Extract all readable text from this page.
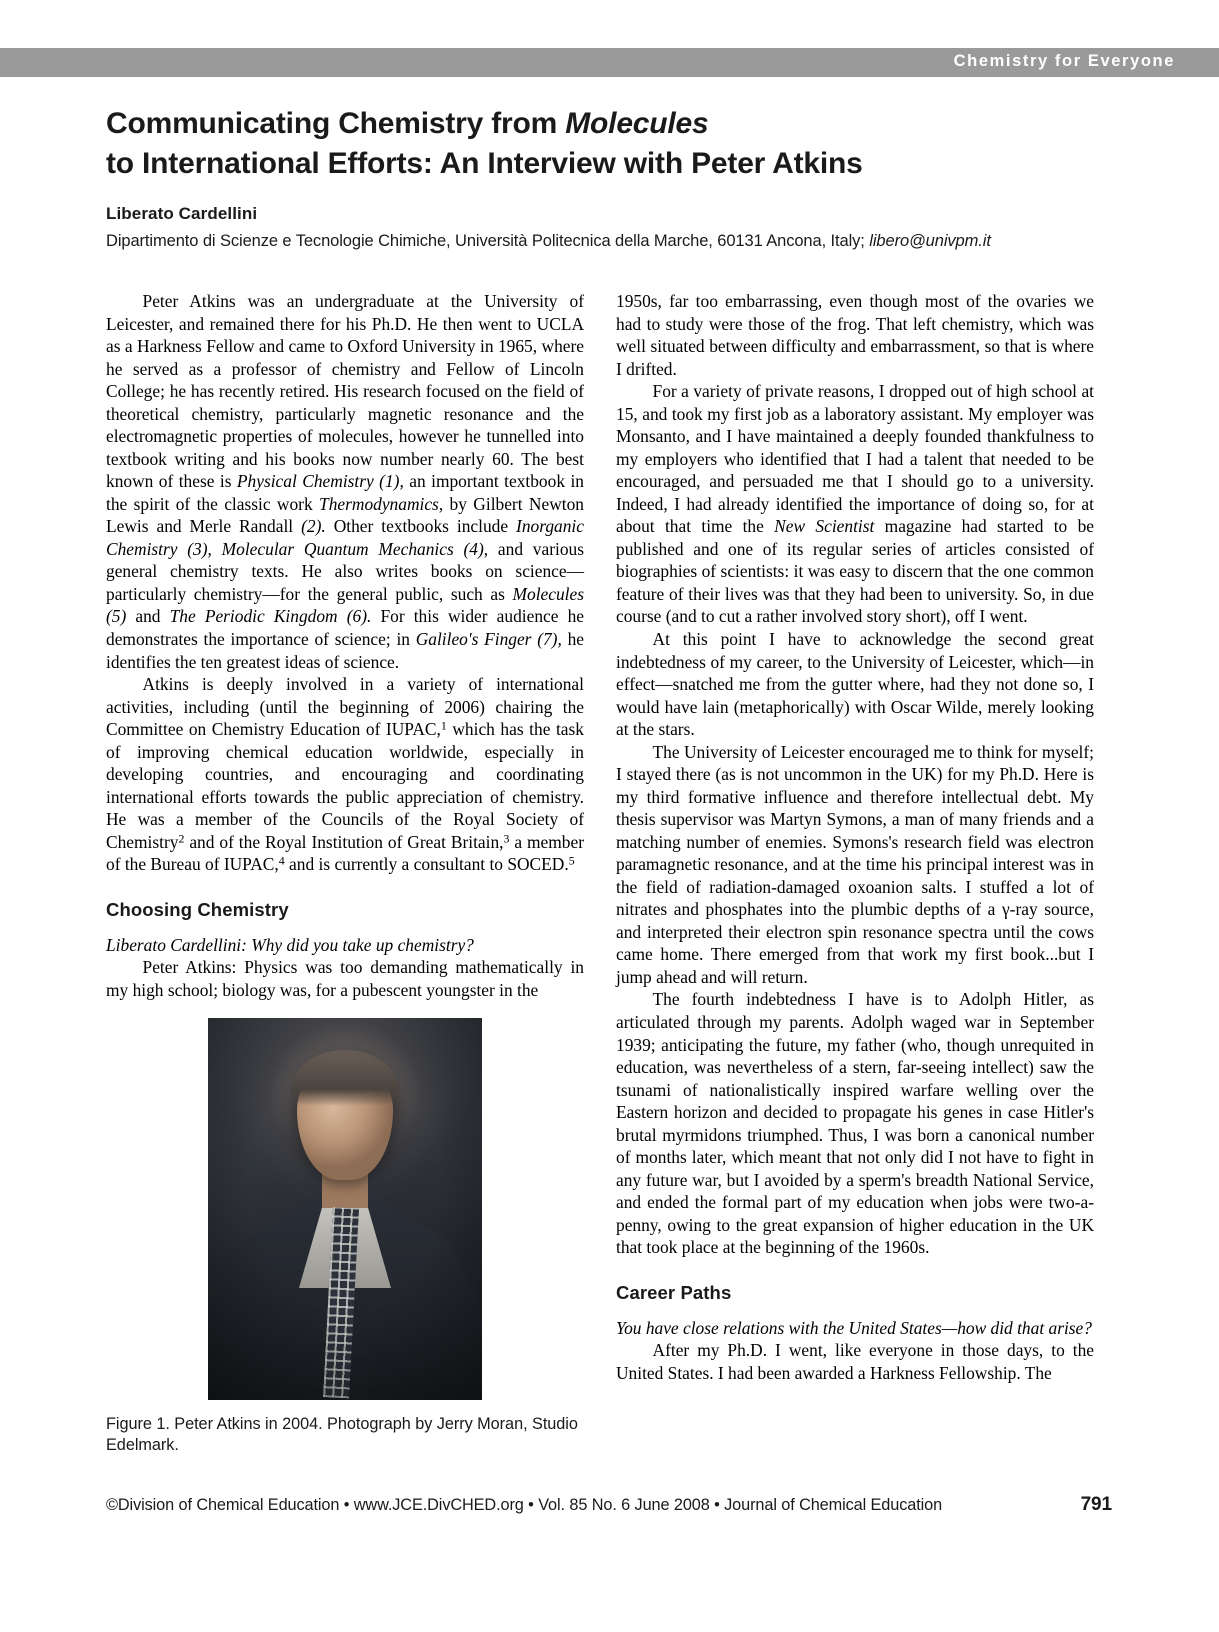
Chemistry for Everyone
Communicating Chemistry from Molecules
to International Efforts: An Interview with Peter Atkins

Liberato Cardellini

Dipartimento di Scienze e Tecnologie Chimiche, Università Politecnica della Marche, 60131 Ancona, Italy; libero@univpm.it

Peter Atkins was an undergraduate at the University of Leicester, and remained there for his Ph.D. He then went to UCLA as a Harkness Fellow and came to Oxford University in 1965, where he served as a professor of chemistry and Fellow of Lincoln College; he has recently retired. His research focused on the field of theoretical chemistry, particularly magnetic resonance and the electromagnetic properties of molecules, however he tunnelled into textbook writing and his books now number nearly 60. The best known of these is Physical Chemistry (1), an important textbook in the spirit of the classic work Thermodynamics, by Gilbert Newton Lewis and Merle Randall (2). Other textbooks include Inorganic Chemistry (3), Molecular Quantum Mechanics (4), and various general chemistry texts. He also writes books on science—particularly chemistry—for the general public, such as Molecules (5) and The Periodic Kingdom (6). For this wider audience he demonstrates the importance of science; in Galileo's Finger (7), he identifies the ten greatest ideas of science.

Atkins is deeply involved in a variety of international activities, including (until the beginning of 2006) chairing the Committee on Chemistry Education of IUPAC,$^1$ which has the task of improving chemical education worldwide, especially in developing countries, and encouraging and coordinating international efforts towards the public appreciation of chemistry. He was a member of the Councils of the Royal Society of Chemistry$^2$ and of the Royal Institution of Great Britain,$^3$ a member of the Bureau of IUPAC,$^4$ and is currently a consultant to SOCED.$^5$

Choosing Chemistry

Liberato Cardellini: Why did you take up chemistry?

Peter Atkins: Physics was too demanding mathematically in my high school; biology was, for a pubescent youngster in the

Figure 1. Peter Atkins in 2004. Photograph by Jerry Moran, Studio Edelmark.

1950s, far too embarrassing, even though most of the ovaries we had to study were those of the frog. That left chemistry, which was well situated between difficulty and embarrassment, so that is where I drifted.

For a variety of private reasons, I dropped out of high school at 15, and took my first job as a laboratory assistant. My employer was Monsanto, and I have maintained a deeply founded thankfulness to my employers who identified that I had a talent that needed to be encouraged, and persuaded me that I should go to a university. Indeed, I had already identified the importance of doing so, for at about that time the New Scientist magazine had started to be published and one of its regular series of articles consisted of biographies of scientists: it was easy to discern that the one common feature of their lives was that they had been to university. So, in due course (and to cut a rather involved story short), off I went.

At this point I have to acknowledge the second great indebtedness of my career, to the University of Leicester, which—in effect—snatched me from the gutter where, had they not done so, I would have lain (metaphorically) with Oscar Wilde, merely looking at the stars.

The University of Leicester encouraged me to think for myself; I stayed there (as is not uncommon in the UK) for my Ph.D. Here is my third formative influence and therefore intellectual debt. My thesis supervisor was Martyn Symons, a man of many friends and a matching number of enemies. Symons's research field was electron paramagnetic resonance, and at the time his principal interest was in the field of radiation-damaged oxoanion salts. I stuffed a lot of nitrates and phosphates into the plumbic depths of a γ-ray source, and interpreted their electron spin resonance spectra until the cows came home. There emerged from that work my first book...but I jump ahead and will return.

The fourth indebtedness I have is to Adolph Hitler, as articulated through my parents. Adolph waged war in September 1939; anticipating the future, my father (who, though unrequited in education, was nevertheless of a stern, far-seeing intellect) saw the tsunami of nationalistically inspired warfare welling over the Eastern horizon and decided to propagate his genes in case Hitler's brutal myrmidons triumphed. Thus, I was born a canonical number of months later, which meant that not only did I not have to fight in any future war, but I avoided by a sperm's breadth National Service, and ended the formal part of my education when jobs were two-a-penny, owing to the great expansion of higher education in the UK that took place at the beginning of the 1960s.

Career Paths

You have close relations with the United States—how did that arise?

After my Ph.D. I went, like everyone in those days, to the United States. I had been awarded a Harkness Fellowship. The

©Division of Chemical Education • www.JCE.DivCHED.org • Vol. 85 No. 6 June 2008 • Journal of Chemical Education	791
